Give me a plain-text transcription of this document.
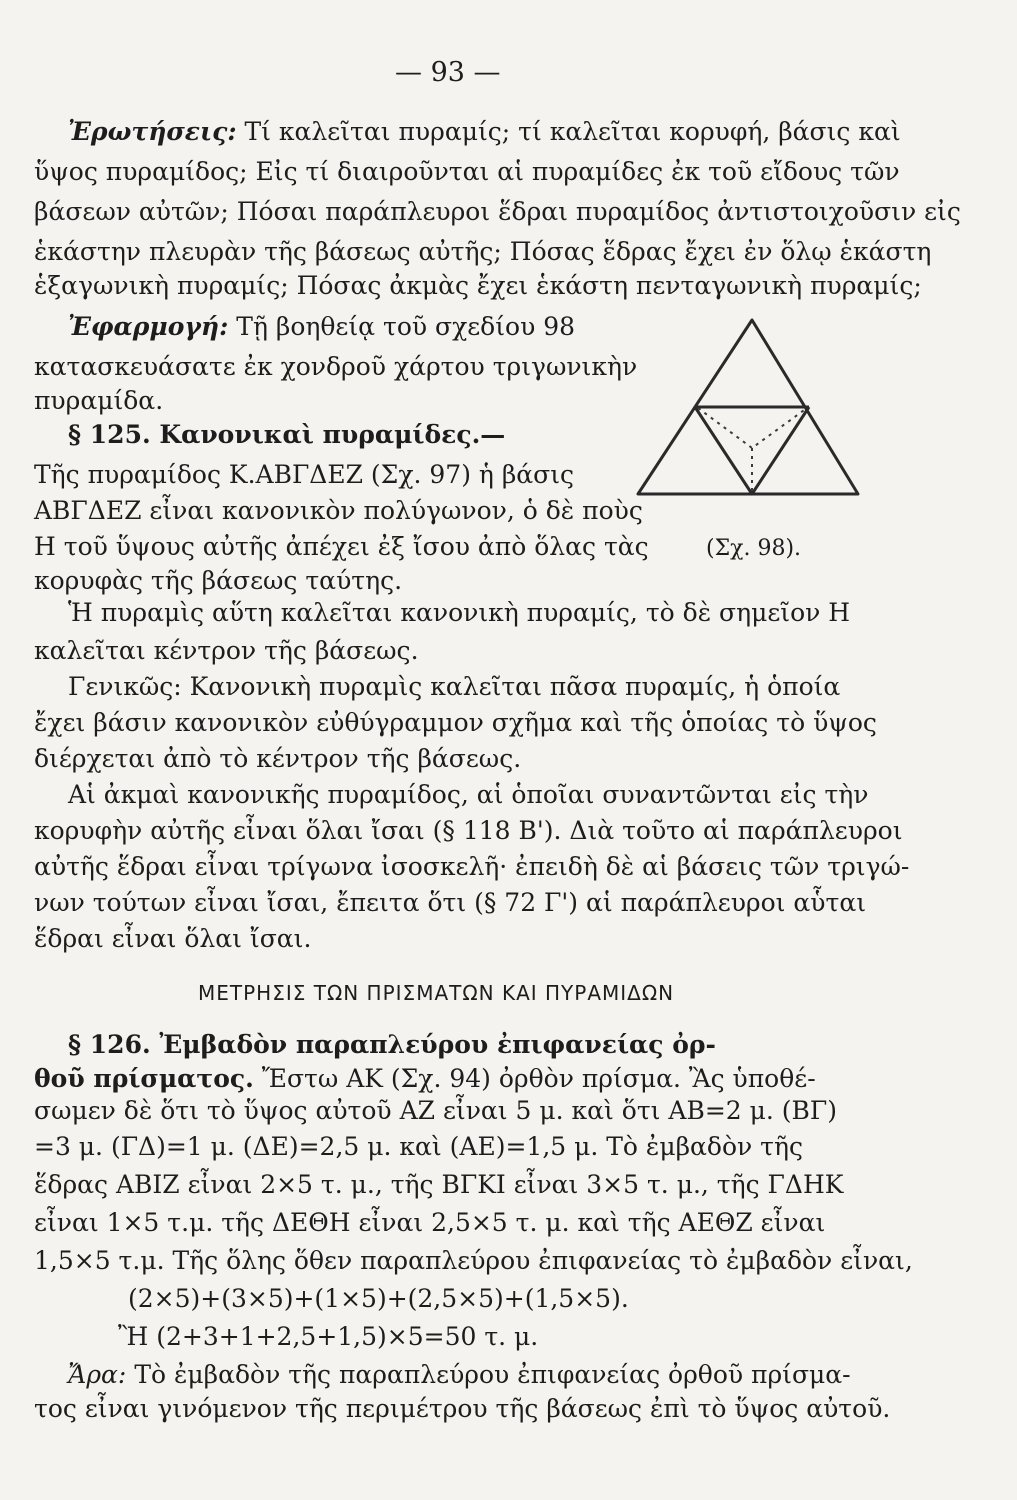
— 93 —
Ἐρωτήσεις: Τί καλεῖται πυραμίς; τί καλεῖται κορυφή, βάσις καὶ
ὕψος πυραμίδος; Εἰς τί διαιροῦνται αἱ πυραμίδες ἐκ τοῦ εἴδους τῶν
βάσεων αὐτῶν; Πόσαι παράπλευροι ἕδραι πυραμίδος ἀντιστοιχοῦσιν εἰς
ἑκάστην πλευρὰν τῆς βάσεως αὐτῆς; Πόσας ἕδρας ἔχει ἐν ὅλῳ ἑκάστη
ἑξαγωνικὴ πυραμίς; Πόσας ἀκμὰς ἔχει ἑκάστη πενταγωνικὴ πυραμίς;
Ἐφαρμογή: Τῇ βοηθείᾳ τοῦ σχεδίου 98
κατασκευάσατε ἐκ χονδροῦ χάρτου τριγωνικὴν
πυραμίδα.
§ 125. Κανονικαὶ πυραμίδες.—
Τῆς πυραμίδος Κ.ΑΒΓΔΕΖ (Σχ. 97) ἡ βάσις
ΑΒΓΔΕΖ εἶναι κανονικὸν πολύγωνον, ὁ δὲ ποὺς
Η τοῦ ὕψους αὐτῆς ἀπέχει ἐξ ἴσου ἀπὸ ὅλας τὰς
κορυφὰς τῆς βάσεως ταύτης.
(Σχ. 98).
Ἡ πυραμὶς αὕτη καλεῖται κανονικὴ πυραμίς, τὸ δὲ σημεῖον Η
καλεῖται κέντρον τῆς βάσεως.
Γενικῶς: Κανονικὴ πυραμὶς καλεῖται πᾶσα πυραμίς, ἡ ὁποία
ἔχει βάσιν κανονικὸν εὐθύγραμμον σχῆμα καὶ τῆς ὁποίας τὸ ὕψος
διέρχεται ἀπὸ τὸ κέντρον τῆς βάσεως.
Αἱ ἀκμαὶ κανονικῆς πυραμίδος, αἱ ὁποῖαι συναντῶνται εἰς τὴν
κορυφὴν αὐτῆς εἶναι ὅλαι ἴσαι (§ 118 Β'). Διὰ τοῦτο αἱ παράπλευροι
αὐτῆς ἕδραι εἶναι τρίγωνα ἰσοσκελῆ· ἐπειδὴ δὲ αἱ βάσεις τῶν τριγώ-
νων τούτων εἶναι ἴσαι, ἔπειτα ὅτι (§ 72 Γ') αἱ παράπλευροι αὗται
ἕδραι εἶναι ὅλαι ἴσαι.
ΜΕΤΡΗΣΙΣ ΤΩΝ ΠΡΙΣΜΑΤΩΝ ΚΑΙ ΠΥΡΑΜΙΔΩΝ
§ 126. Ἐμβαδὸν παραπλεύρου ἐπιφανείας ὀρ-
θοῦ πρίσματος. Ἔστω ΑΚ (Σχ. 94) ὀρθὸν πρίσμα. Ἂς ὑποθέ-
σωμεν δὲ ὅτι τὸ ὕψος αὐτοῦ ΑΖ εἶναι 5 μ. καὶ ὅτι ΑΒ=2 μ. (ΒΓ)
=3 μ. (ΓΔ)=1 μ. (ΔΕ)=2,5 μ. καὶ (ΑΕ)=1,5 μ. Τὸ ἐμβαδὸν τῆς
ἕδρας ΑΒΙΖ εἶναι 2×5 τ. μ., τῆς ΒΓΚΙ εἶναι 3×5 τ. μ., τῆς ΓΔΗΚ
εἶναι 1×5 τ.μ. τῆς ΔΕΘΗ εἶναι 2,5×5 τ. μ. καὶ τῆς ΑΕΘΖ εἶναι
1,5×5 τ.μ. Τῆς ὅλης ὅθεν παραπλεύρου ἐπιφανείας τὸ ἐμβαδὸν εἶναι,
(2×5)+(3×5)+(1×5)+(2,5×5)+(1,5×5).
Ἢ (2+3+1+2,5+1,5)×5=50 τ. μ.
Ἄρα: Τὸ ἐμβαδὸν τῆς παραπλεύρου ἐπιφανείας ὀρθοῦ πρίσμα-
τος εἶναι γινόμενον τῆς περιμέτρου τῆς βάσεως ἐπὶ τὸ ὕψος αὐτοῦ.
